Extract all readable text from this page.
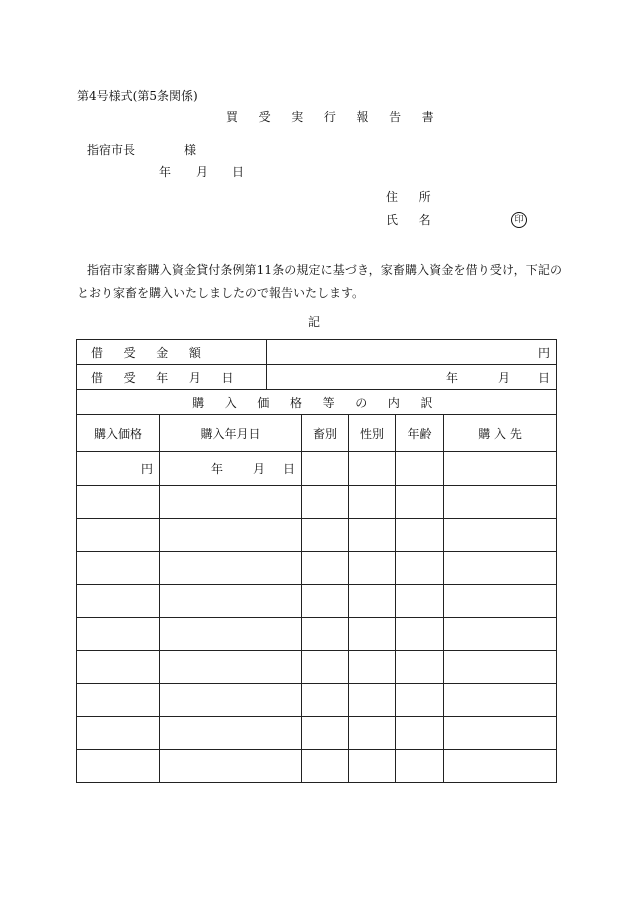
第4号様式(第5条関係)
買 受 実 行 報 告 書
指宿市長	様
年 月 日
住 所
氏 名	印
指宿市家畜購入資金貸付条例第11条の規定に基づき，家畜購入資金を借り受け，下記の
とおり家畜を購入いたしましたので報告いたします。
記
借 受 金 額		円				
借 受 年 月 日		年 月 日				
購 入 価 格 等 の 内 訳						
購入価格	購入年月日		畜別	性別	年齢	購 入 先
円	年 月 日					
